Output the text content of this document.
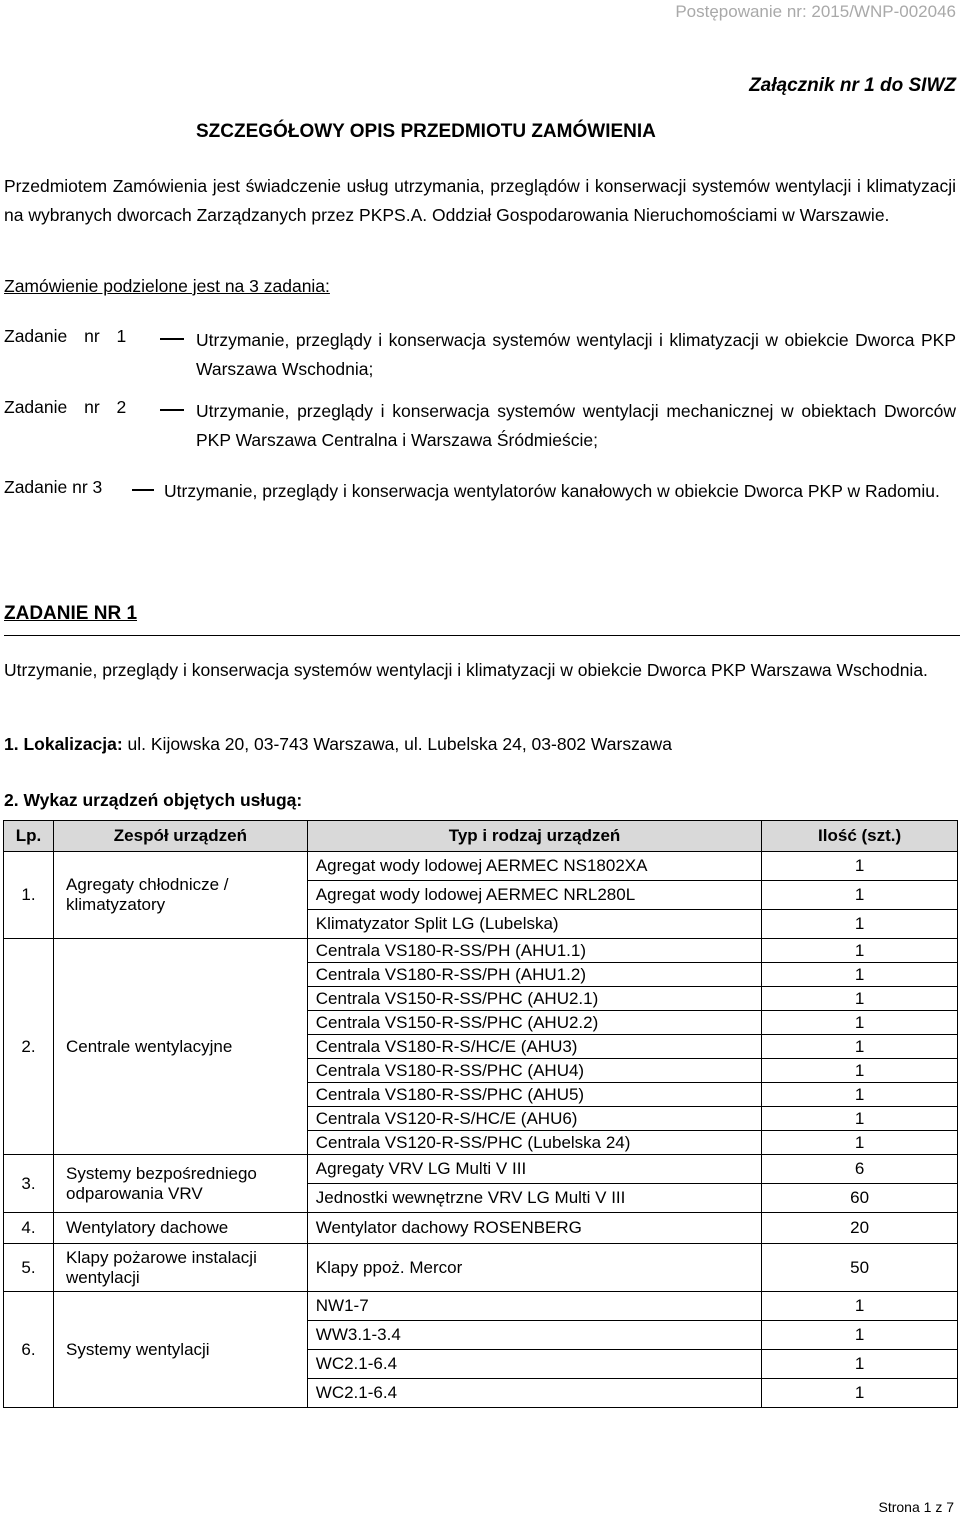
Postępowanie nr: 2015/WNP-002046
Załącznik nr 1 do SIWZ
SZCZEGÓŁOWY OPIS PRZEDMIOTU ZAMÓWIENIA
Przedmiotem Zamówienia jest świadczenie usług utrzymania, przeglądów i konserwacji systemów wentylacji i klimatyzacji na wybranych dworcach Zarządzanych przez PKPS.A. Oddział Gospodarowania Nieruchomościami w Warszawie.
Zamówienie podzielone jest na 3 zadania:
Zadanie nr 1	Utrzymanie, przeglądy i konserwacja systemów wentylacji i klimatyzacji w obiekcie Dworca PKP Warszawa Wschodnia;
Zadanie nr 2	Utrzymanie, przeglądy i konserwacja systemów wentylacji mechanicznej w obiektach Dworców PKP Warszawa Centralna i Warszawa Śródmieście;
Zadanie nr 3	Utrzymanie, przeglądy i konserwacja wentylatorów kanałowych w obiekcie Dworca PKP w Radomiu.
ZADANIE NR 1
Utrzymanie, przeglądy i konserwacja systemów wentylacji i klimatyzacji w obiekcie Dworca PKP Warszawa Wschodnia.
1. Lokalizacja: ul. Kijowska 20, 03-743 Warszawa, ul. Lubelska 24, 03-802 Warszawa
2. Wykaz urządzeń objętych usługą:
Lp.	Zespół urządzeń	Typ i rodzaj urządzeń	Ilość (szt.)
1.	Agregaty chłodnicze / klimatyzatory	Agregat wody lodowej AERMEC NS1802XA	1
		Agregat wody lodowej AERMEC NRL280L	1
		Klimatyzator Split LG (Lubelska)	1
2.	Centrale wentylacyjne	Centrala VS180-R-SS/PH (AHU1.1)	1
		Centrala VS180-R-SS/PH (AHU1.2)	1
		Centrala VS150-R-SS/PHC (AHU2.1)	1
		Centrala VS150-R-SS/PHC (AHU2.2)	1
		Centrala VS180-R-S/HC/E (AHU3)	1
		Centrala VS180-R-SS/PHC (AHU4)	1
		Centrala VS180-R-SS/PHC (AHU5)	1
		Centrala VS120-R-S/HC/E (AHU6)	1
		Centrala VS120-R-SS/PHC (Lubelska 24)	1
3.	Systemy bezpośredniego odparowania VRV	Agregaty VRV LG Multi V III	6
		Jednostki wewnętrzne VRV LG Multi V III	60
4.	Wentylatory dachowe	Wentylator dachowy ROSENBERG	20
5.	Klapy pożarowe instalacji wentylacji	Klapy ppoż. Mercor	50
6.	Systemy wentylacji	NW1-7	1
		WW3.1-3.4	1
		WC2.1-6.4	1
		WC2.1-6.4	1
Strona 1 z 7
